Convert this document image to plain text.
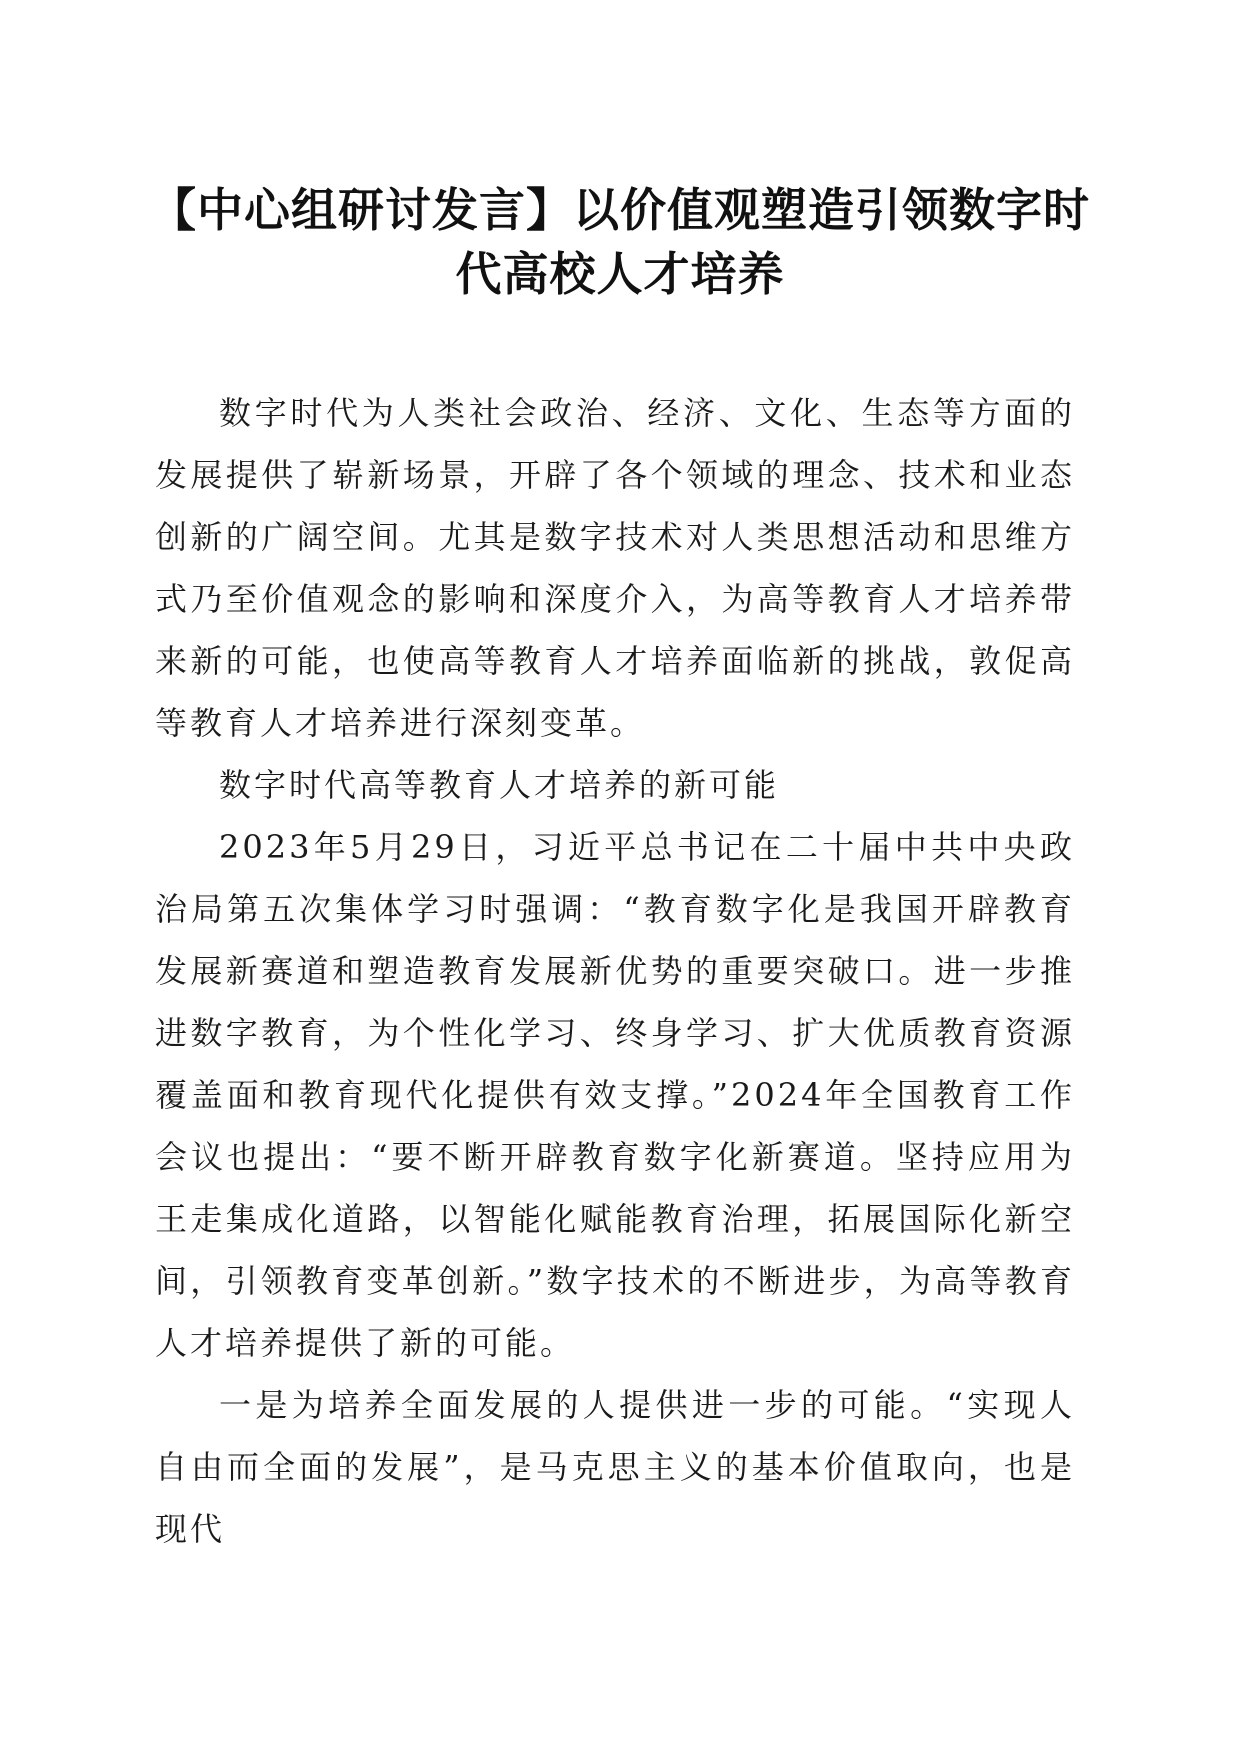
【中心组研讨发言】以价值观塑造引领数字时
代高校人才培养

数字时代为人类社会政治、经济、文化、生态等方面的发展提供了崭新场景，开辟了各个领域的理念、技术和业态创新的广阔空间。尤其是数字技术对人类思想活动和思维方式乃至价值观念的影响和深度介入，为高等教育人才培养带来新的可能，也使高等教育人才培养面临新的挑战，敦促高等教育人才培养进行深刻变革。

数字时代高等教育人才培养的新可能

2023年5月29日，习近平总书记在二十届中共中央政治局第五次集体学习时强调：“教育数字化是我国开辟教育发展新赛道和塑造教育发展新优势的重要突破口。进一步推进数字教育，为个性化学习、终身学习、扩大优质教育资源覆盖面和教育现代化提供有效支撑。”2024年全国教育工作会议也提出：“要不断开辟教育数字化新赛道。坚持应用为王走集成化道路，以智能化赋能教育治理，拓展国际化新空间，引领教育变革创新。”数字技术的不断进步，为高等教育人才培养提供了新的可能。

一是为培养全面发展的人提供进一步的可能。“实现人自由而全面的发展”，是马克思主义的基本价值取向，也是现代
